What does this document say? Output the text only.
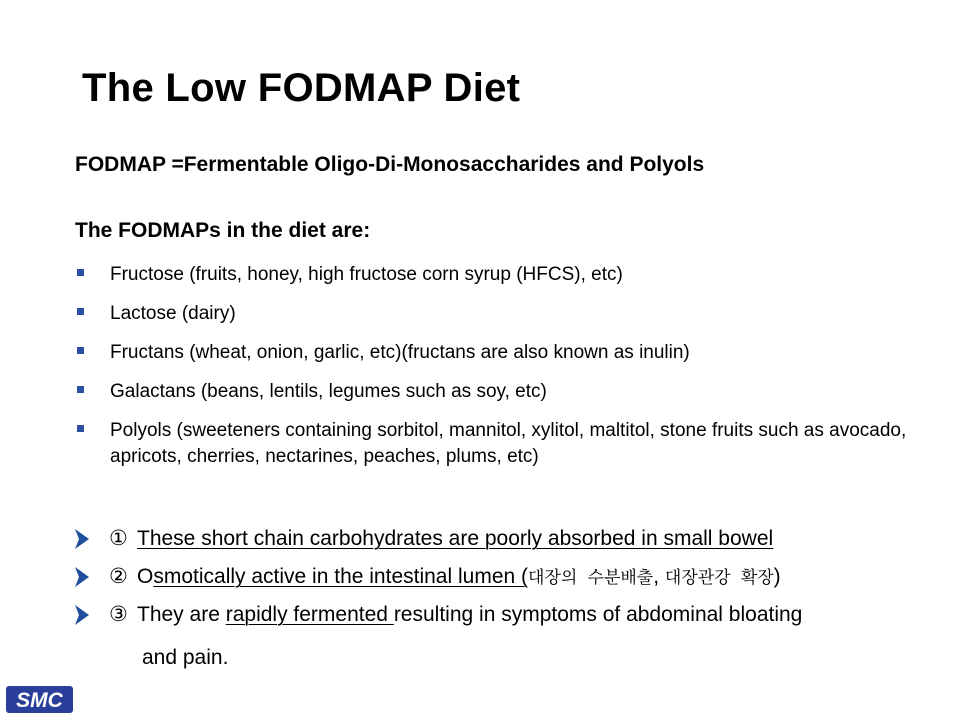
The Low FODMAP Diet
FODMAP =Fermentable Oligo-Di-Monosaccharides and Polyols
The FODMAPs in the diet are:
Fructose (fruits, honey, high fructose corn syrup (HFCS), etc)
Lactose (dairy)
Fructans (wheat, onion, garlic, etc)(fructans are also known as inulin)
Galactans (beans, lentils, legumes such as soy, etc)
Polyols (sweeteners containing sorbitol, mannitol, xylitol, maltitol, stone fruits such as avocado, apricots, cherries, nectarines, peaches, plums, etc)
① These short chain carbohydrates are poorly absorbed in small bowel
② Osmotically active in the intestinal lumen (대장의 수분배출, 대장관강 확장)
③ They are rapidly fermented resulting in symptoms of abdominal bloating
and pain.
SMC
